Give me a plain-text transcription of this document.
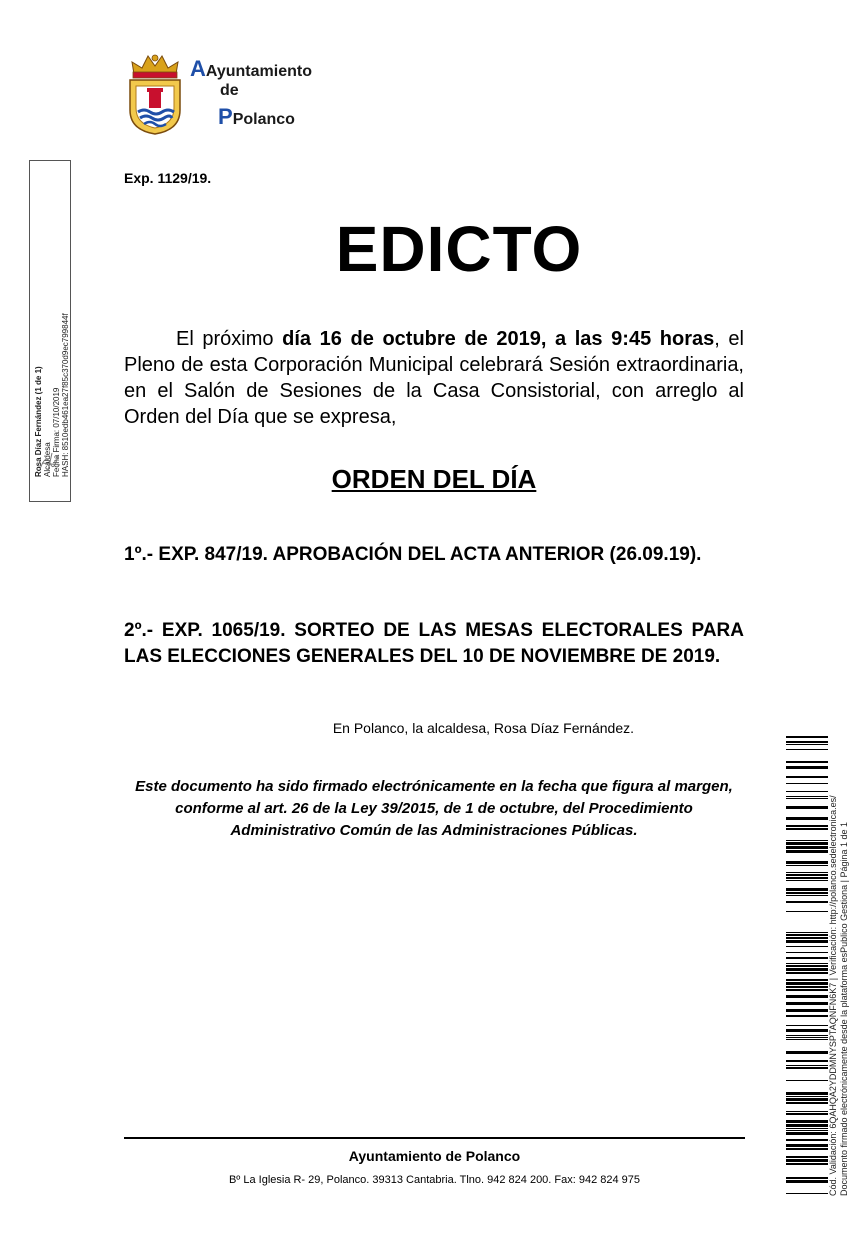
AAyuntamiento
de
PPolanco
Rosa Díaz Fernández (1 de 1) Alcaldesa Fecha Firma: 07/10/2019 HASH: 8510edb461ea27f85c370d9ec799844f
Exp. 1129/19.
EDICTO
El próximo día 16 de octubre de 2019, a las 9:45 horas, el Pleno de esta Corporación Municipal celebrará Sesión extraordinaria, en el Salón de Sesiones de la Casa Consistorial, con arreglo al Orden del Día que se expresa,
ORDEN DEL DÍA
1º.- EXP. 847/19. APROBACIÓN DEL ACTA ANTERIOR (26.09.19).
2º.- EXP. 1065/19. SORTEO DE LAS MESAS ELECTORALES PARA LAS ELECCIONES GENERALES DEL 10 DE NOVIEMBRE DE 2019.
En Polanco, la alcaldesa, Rosa Díaz Fernández.
Este documento ha sido firmado electrónicamente en la fecha que figura al margen, conforme al art. 26 de la Ley 39/2015, de 1 de octubre, del Procedimiento Administrativo Común de las Administraciones Públicas.
Ayuntamiento de Polanco
Bº La Iglesia R- 29, Polanco. 39313 Cantabria. Tlno. 942 824 200. Fax: 942 824 975	Cód. Validación: 6QAHQA2YDDMNYSPTAQNFN6K7 | Verificación: http://polanco.sedelectronica.es/ Documento firmado electrónicamente desde la plataforma esPublico Gestiona | Página 1 de 1
